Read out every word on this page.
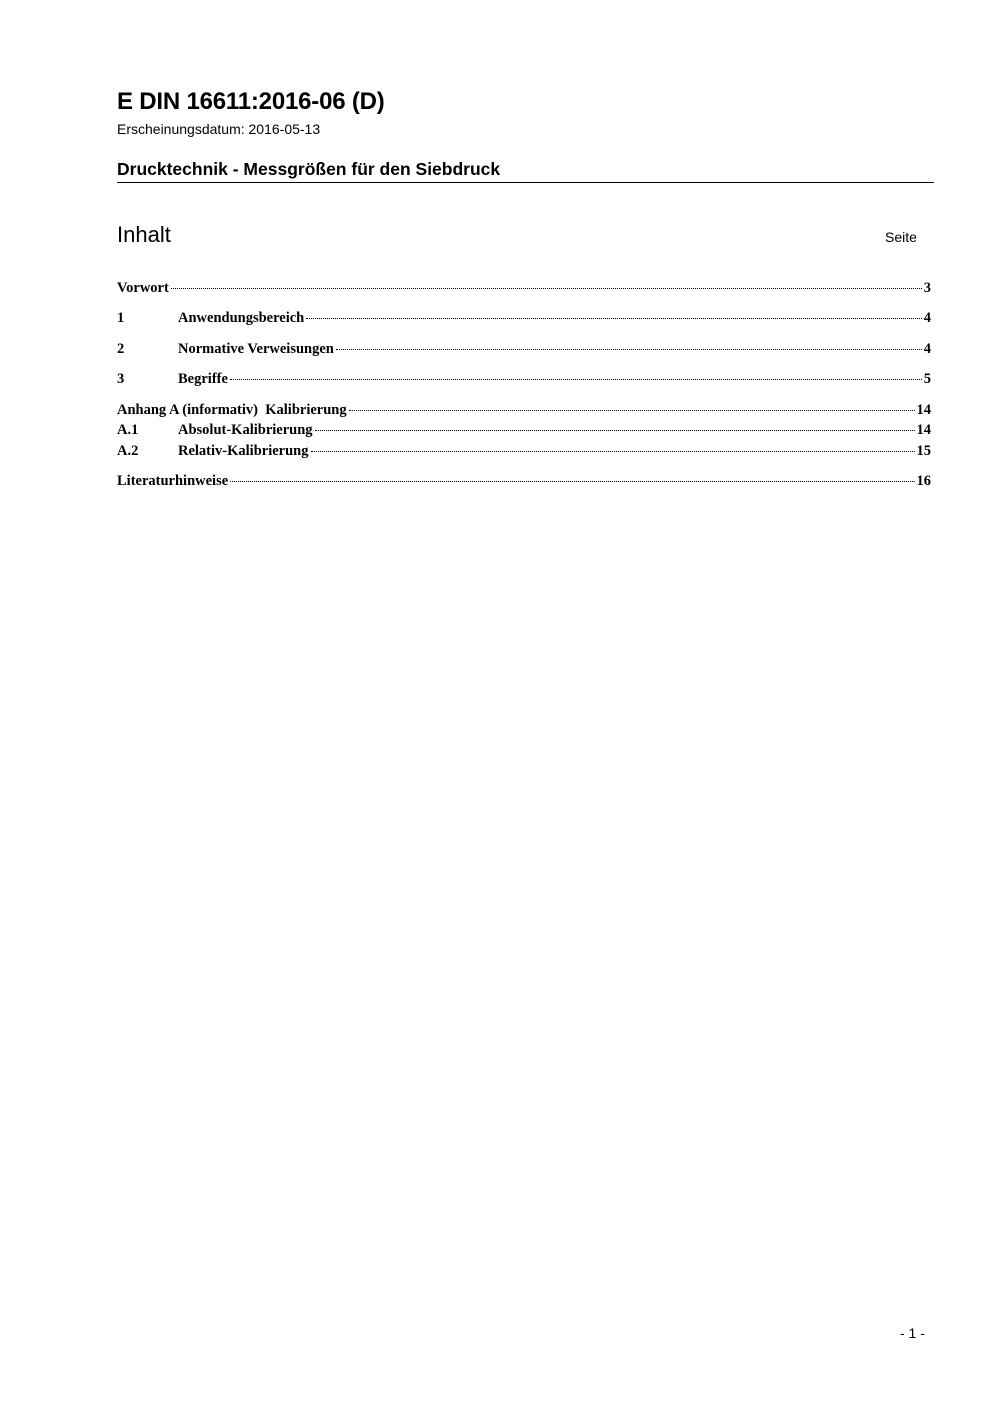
E DIN 16611:2016-06 (D)
Erscheinungsdatum: 2016-05-13
Drucktechnik - Messgrößen für den Siebdruck
Inhalt	Seite
Vorwort	3
1	Anwendungsbereich	4
2	Normative Verweisungen	4
3	Begriffe	5
Anhang A (informativ)  Kalibrierung	14
A.1	Absolut-Kalibrierung	14
A.2	Relativ-Kalibrierung	15
Literaturhinweise	16
- 1 -
